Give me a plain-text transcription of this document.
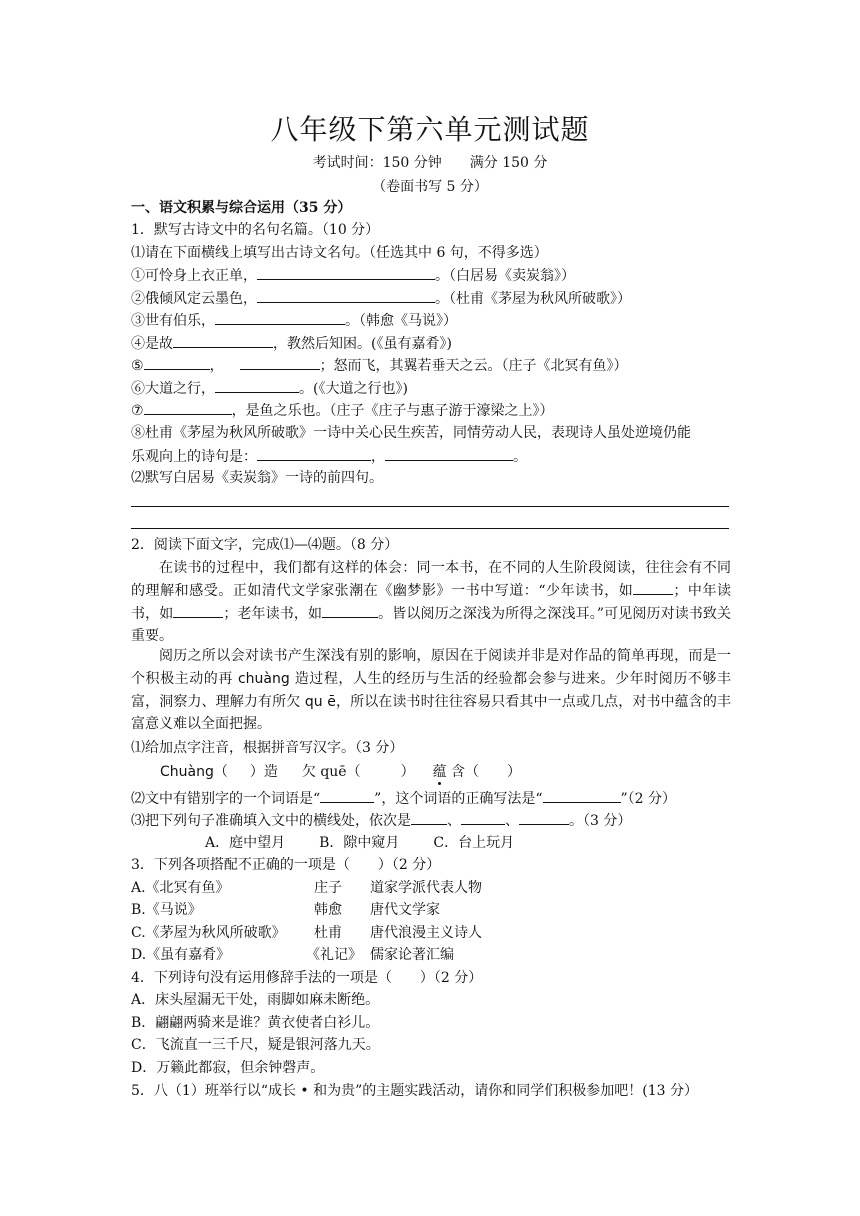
八年级下第六单元测试题
考试时间：150 分钟　　满分 150 分
（卷面书写 5 分）
一、语文积累与综合运用（35 分）
1．默写古诗文中的名句名篇。（10 分）
⑴请在下面横线上填写出古诗文名句。（任选其中 6 句，不得多选）
①可怜身上衣正单，	。（白居易《卖炭翁》）
②俄倾风定云墨色，	。（杜甫《茅屋为秋风所破歌》）
③世有伯乐，	。（韩愈《马说》）
④是故	，教然后知困。(《虽有嘉肴》)
⑤	，	；怒而飞，其翼若垂天之云。（庄子《北冥有鱼》）
⑥大道之行，	。(《大道之行也》)
⑦	，是鱼之乐也。（庄子《庄子与惠子游于濠梁之上》）
⑧杜甫《茅屋为秋风所破歌》一诗中关心民生疾苦，同情劳动人民，表现诗人虽处逆境仍能
乐观向上的诗句是：	，	。
⑵默写白居易《卖炭翁》一诗的前四句。
2．阅读下面文字，完成⑴—⑷题。（8 分）
在读书的过程中，我们都有这样的体会：同一本书，在不同的人生阶段阅读，往往会有不同的理解和感受。正如清代文学家张潮在《幽梦影》一书中写道：“少年读书，如	；中年读书，如	；老年读书，如	。皆以阅历之深浅为所得之深浅耳。”可见阅历对读书致关重要。
阅历之所以会对读书产生深浅有别的影响，原因在于阅读并非是对作品的简单再现，而是一个积极主动的再 chuàng 造过程，人生的经历与生活的经验都会参与进来。少年时阅历不够丰富，洞察力、理解力有所欠 qu ē，所以在读书时往往容易只看其中一点或几点，对书中蕴含的丰富意义难以全面把握。
⑴给加点字注音，根据拼音写汉字。（3 分）
Chuàng（ ）造 欠 quē（	） 蕴 含（ ）
⑵文中有错别字的一个词语是“	”，这个词语的正确写法是“	”（2 分）
⑶把下列句子准确填入文中的横线处，依次是	、	、	。（3 分）
A．庭中望月 B．隙中窥月 C．台上玩月
3．下列各项搭配不正确的一项是（　　）（2 分）
A.《北冥有鱼》	庄子 道家学派代表人物
B.《马说》	韩愈 唐代文学家
C.《茅屋为秋风所破歌》 杜甫 唐代浪漫主义诗人
D.《虽有嘉肴》	《礼记》 儒家论著汇编
4．下列诗句没有运用修辞手法的一项是（　　）（2 分）
A．床头屋漏无干处，雨脚如麻未断绝。
B．翩翩两骑来是谁？黄衣使者白衫儿。
C．飞流直一三千尺，疑是银河落九天。
D．万籁此都寂，但余钟磬声。
5．八（1）班举行以“成长 • 和为贵”的主题实践活动，请你和同学们积极参加吧！(13 分）
